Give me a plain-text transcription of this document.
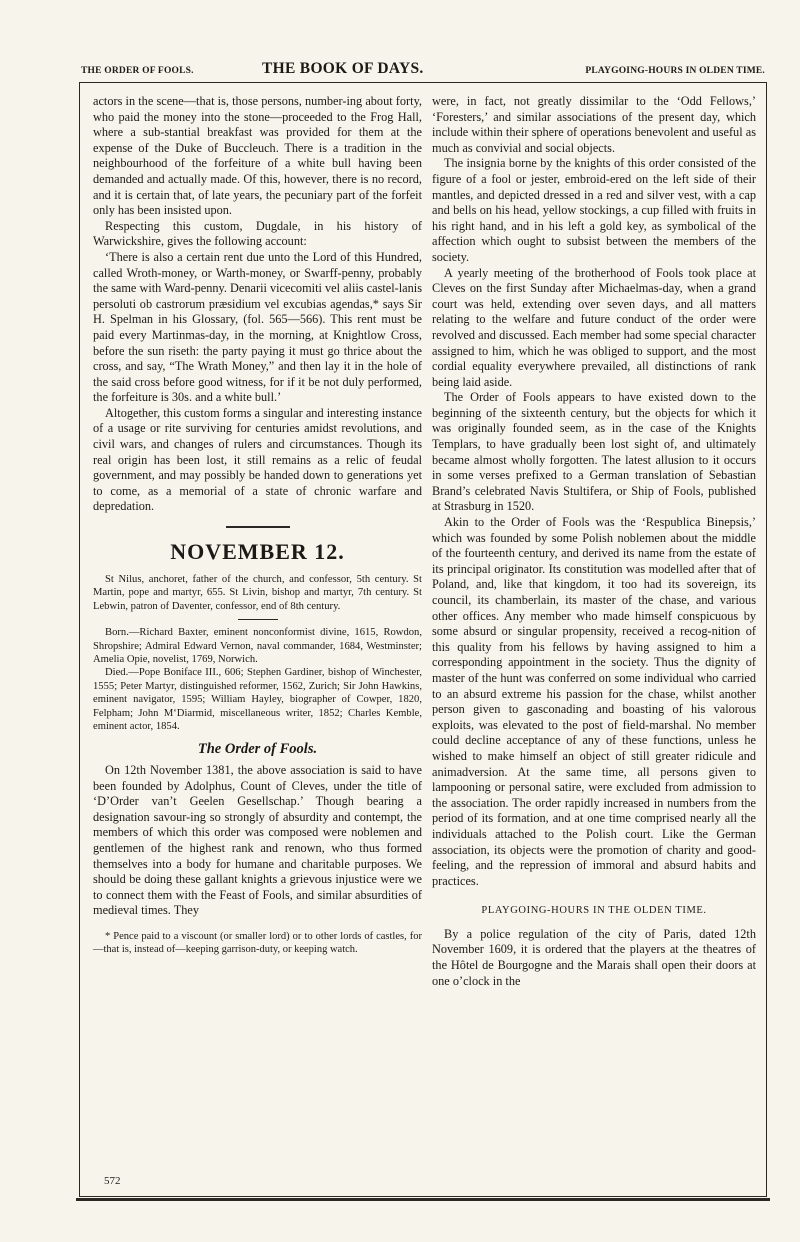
THE ORDER OF FOOLS.	THE BOOK OF DAYS.	PLAYGOING-HOURS IN OLDEN TIME.

actors in the scene—that is, those persons, number-ing about forty, who paid the money into the stone—proceeded to the Frog Hall, where a sub-stantial breakfast was provided for them at the expense of the Duke of Buccleuch. There is a tradition in the neighbourhood of the forfeiture of a white bull having been demanded and actually made. Of this, however, there is no record, and it is certain that, of late years, the pecuniary part of the forfeit only has been insisted upon.

Respecting this custom, Dugdale, in his history of Warwickshire, gives the following account:

‘There is also a certain rent due unto the Lord of this Hundred, called Wroth-money, or Warth-money, or Swarff-penny, probably the same with Ward-penny. Denarii vicecomiti vel aliis castel-lanis persoluti ob castrorum præsidium vel excubias agendas,* says Sir H. Spelman in his Glossary, (fol. 565—566). This rent must be paid every Martinmas-day, in the morning, at Knightlow Cross, before the sun riseth: the party paying it must go thrice about the cross, and say, “The Wrath Money,” and then lay it in the hole of the said cross before good witness, for if it be not duly performed, the forfeiture is 30s. and a white bull.’

Altogether, this custom forms a singular and interesting instance of a usage or rite surviving for centuries amidst revolutions, and civil wars, and changes of rulers and circumstances. Though its real origin has been lost, it still remains as a relic of feudal government, and may possibly be handed down to generations yet to come, as a memorial of a state of chronic warfare and depredation.

NOVEMBER 12.

St Nilus, anchoret, father of the church, and confessor, 5th century. St Martin, pope and martyr, 655. St Livin, bishop and martyr, 7th century. St Lebwin, patron of Daventer, confessor, end of 8th century.

Born.—Richard Baxter, eminent nonconformist divine, 1615, Rowdon, Shropshire; Admiral Edward Vernon, naval commander, 1684, Westminster; Amelia Opie, novelist, 1769, Norwich.

Died.—Pope Boniface III., 606; Stephen Gardiner, bishop of Winchester, 1555; Peter Martyr, distinguished reformer, 1562, Zurich; Sir John Hawkins, eminent navigator, 1595; William Hayley, biographer of Cowper, 1820, Felpham; John M‘Diarmid, miscellaneous writer, 1852; Charles Kemble, eminent actor, 1854.

The Order of Fools.

On 12th November 1381, the above association is said to have been founded by Adolphus, Count of Cleves, under the title of ‘D’Order van’t Geelen Gesellschap.’ Though bearing a designation savour-ing so strongly of absurdity and contempt, the members of which this order was composed were noblemen and gentlemen of the highest rank and renown, who thus formed themselves into a body for humane and charitable purposes. We should be doing these gallant knights a grievous injustice were we to connect them with the Feast of Fools, and similar absurdities of medieval times. They

* Pence paid to a viscount (or smaller lord) or to other lords of castles, for—that is, instead of—keeping garrison-duty, or keeping watch.

572

were, in fact, not greatly dissimilar to the ‘Odd Fellows,’ ‘Foresters,’ and similar associations of the present day, which include within their sphere of operations benevolent and useful as much as convivial and social objects.

The insignia borne by the knights of this order consisted of the figure of a fool or jester, embroid-ered on the left side of their mantles, and depicted dressed in a red and silver vest, with a cap and bells on his head, yellow stockings, a cup filled with fruits in his right hand, and in his left a gold key, as symbolical of the affection which ought to subsist between the members of the society.

A yearly meeting of the brotherhood of Fools took place at Cleves on the first Sunday after Michaelmas-day, when a grand court was held, extending over seven days, and all matters relating to the welfare and future conduct of the order were revolved and discussed. Each member had some special character assigned to him, which he was obliged to support, and the most cordial equality everywhere prevailed, all distinctions of rank being laid aside.

The Order of Fools appears to have existed down to the beginning of the sixteenth century, but the objects for which it was originally founded seem, as in the case of the Knights Templars, to have gradually been lost sight of, and ultimately became almost wholly forgotten. The latest allusion to it occurs in some verses prefixed to a German translation of Sebastian Brand’s celebrated Navis Stultifera, or Ship of Fools, published at Strasburg in 1520.

Akin to the Order of Fools was the ‘Respublica Binepsis,’ which was founded by some Polish noblemen about the middle of the fourteenth century, and derived its name from the estate of its principal originator. Its constitution was modelled after that of Poland, and, like that kingdom, it too had its sovereign, its council, its chamberlain, its master of the chase, and various other offices. Any member who made himself conspicuous by some absurd or singular propensity, received a recog-nition of this quality from his fellows by having assigned to him a corresponding appointment in the society. Thus the dignity of master of the hunt was conferred on some individual who carried to an absurd extreme his passion for the chase, whilst another person given to gasconading and boasting of his valorous exploits, was elevated to the post of field-marshal. No member could decline acceptance of any of these functions, unless he wished to make himself an object of still greater ridicule and animadversion. At the same time, all persons given to lampooning or personal satire, were excluded from admission to the association. The order rapidly increased in numbers from the period of its formation, and at one time comprised nearly all the individuals attached to the Polish court. Like the German association, its objects were the promotion of charity and good-feeling, and the repression of immoral and absurd habits and practices.

PLAYGOING-HOURS IN THE OLDEN TIME.

By a police regulation of the city of Paris, dated 12th November 1609, it is ordered that the players at the theatres of the Hôtel de Bourgogne and the Marais shall open their doors at one o’clock in the
